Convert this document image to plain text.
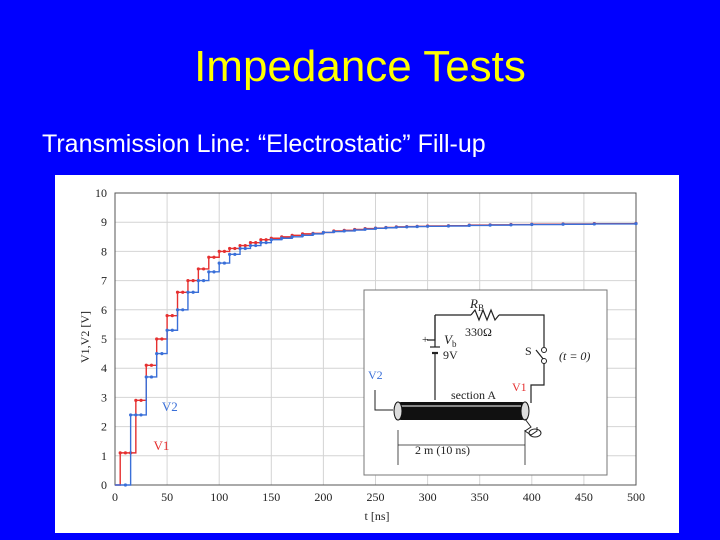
Impedance Tests
Transmission Line: “Electrostatic” Fill-up
0	50	100	150	200	250	300	350	400	450	500
0
1
2
3
4
5
6
7
8
9
10
V1
V2
t [ns]
V1,V2 [V]
$R_B$
330Ω
+ $V_b$
9V	S (t = 0)
V1
V2
section A
2 m (10 ns)
